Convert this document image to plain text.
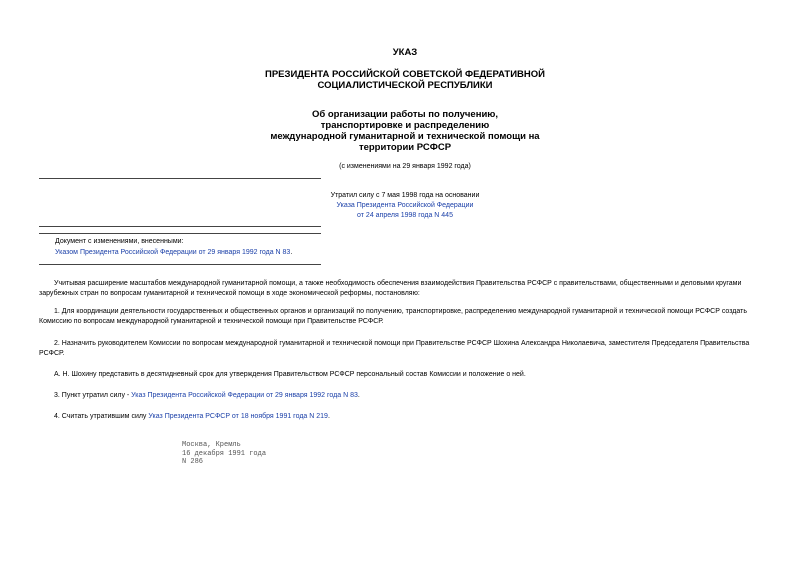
УКАЗ
ПРЕЗИДЕНТА РОССИЙСКОЙ СОВЕТСКОЙ ФЕДЕРАТИВНОЙ
СОЦИАЛИСТИЧЕСКОЙ РЕСПУБЛИКИ
Об организации работы по получению,
транспортировке и распределению
международной гуманитарной и технической помощи на
территории РСФСР
(с изменениями на 29 января 1992 года)
Утратил силу с 7 мая 1998 года на основании
Указа Президента Российской Федерации
от 24 апреля 1998 года N 445
Документ с изменениями, внесенными:
Указом Президента Российской Федерации от 29 января 1992 года N 83.
Учитывая расширение масштабов международной гуманитарной помощи, а также необходимость обеспечения взаимодействия Правительства РСФСР с правительствами, общественными и деловыми кругами зарубежных стран по вопросам гуманитарной и технической помощи в ходе экономической реформы, постановляю:
1. Для координации деятельности государственных и общественных органов и организаций по получению, транспортировке, распределению международной гуманитарной и технической помощи РСФСР создать Комиссию по вопросам международной гуманитарной и технической помощи при Правительстве РСФСР.
2. Назначить руководителем Комиссии по вопросам международной гуманитарной и технической помощи при Правительстве РСФСР Шохина Александра Николаевича, заместителя Председателя Правительства РСФСР.
А. Н. Шохину представить в десятидневный срок для утверждения Правительством РСФСР персональный состав Комиссии и положение о ней.
3. Пункт утратил силу - Указ Президента Российской Федерации от 29 января 1992 года N 83.
4. Считать утратившим силу Указ Президента РСФСР от 18 ноября 1991 года N 219.
Москва, Кремль
16 декабря 1991 года
N 286
